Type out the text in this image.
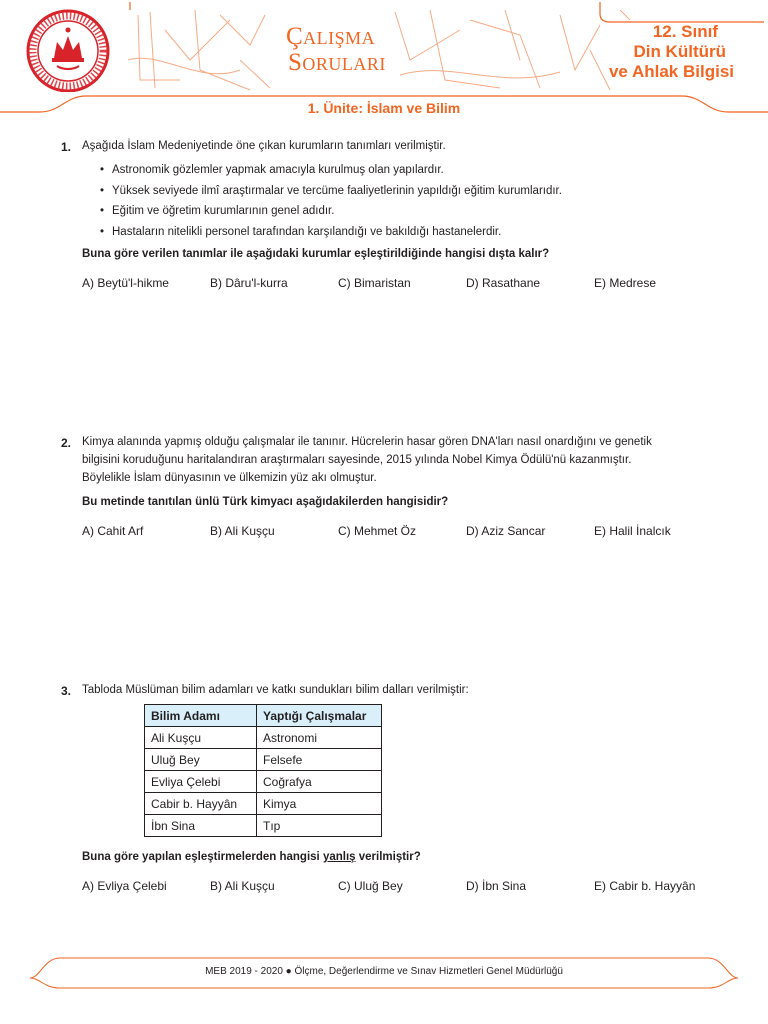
Çalışma
Soruları
12. Sınıf
Din Kültürü
ve Ahlak Bilgisi
1. Ünite: İslam ve Bilim
1. Aşağıda İslam Medeniyetinde öne çıkan kurumların tanımları verilmiştir.
• Astronomik gözlemler yapmak amacıyla kurulmuş olan yapılardır.
• Yüksek seviyede ilmî araştırmalar ve tercüme faaliyetlerinin yapıldığı eğitim kurumlarıdır.
• Eğitim ve öğretim kurumlarının genel adıdır.
• Hastaların nitelikli personel tarafından karşılandığı ve bakıldığı hastanelerdir.
Buna göre verilen tanımlar ile aşağıdaki kurumlar eşleştirildiğinde hangisi dışta kalır?
A) Beytü'l-hikme	B) Dâru'l-kurra	C) Bimaristan	D) Rasathane	E) Medrese
2. Kimya alanında yapmış olduğu çalışmalar ile tanınır. Hücrelerin hasar gören DNA'ları nasıl onardığını ve genetik
bilgisini koruduğunu haritalandıran araştırmaları sayesinde, 2015 yılında Nobel Kimya Ödülü'nü kazanmıştır.
Böylelikle İslam dünyasının ve ülkemizin yüz akı olmuştur.
Bu metinde tanıtılan ünlü Türk kimyacı aşağıdakilerden hangisidir?
A) Cahit Arf	B) Ali Kuşçu	C) Mehmet Öz	D) Aziz Sancar	E) Halil İnalcık
3. Tabloda Müslüman bilim adamları ve katkı sundukları bilim dalları verilmiştir:
Bilim Adamı	Yaptığı Çalışmalar
Ali Kuşçu	Astronomi
Uluğ Bey	Felsefe
Evliya Çelebi	Coğrafya
Cabir b. Hayyân	Kimya
İbn Sina	Tıp
Buna göre yapılan eşleştirmelerden hangisi yanlış verilmiştir?
A) Evliya Çelebi	B) Ali Kuşçu	C) Uluğ Bey	D) İbn Sina	E) Cabir b. Hayyân
MEB 2019 - 2020 ● Ölçme, Değerlendirme ve Sınav Hizmetleri Genel Müdürlüğü
